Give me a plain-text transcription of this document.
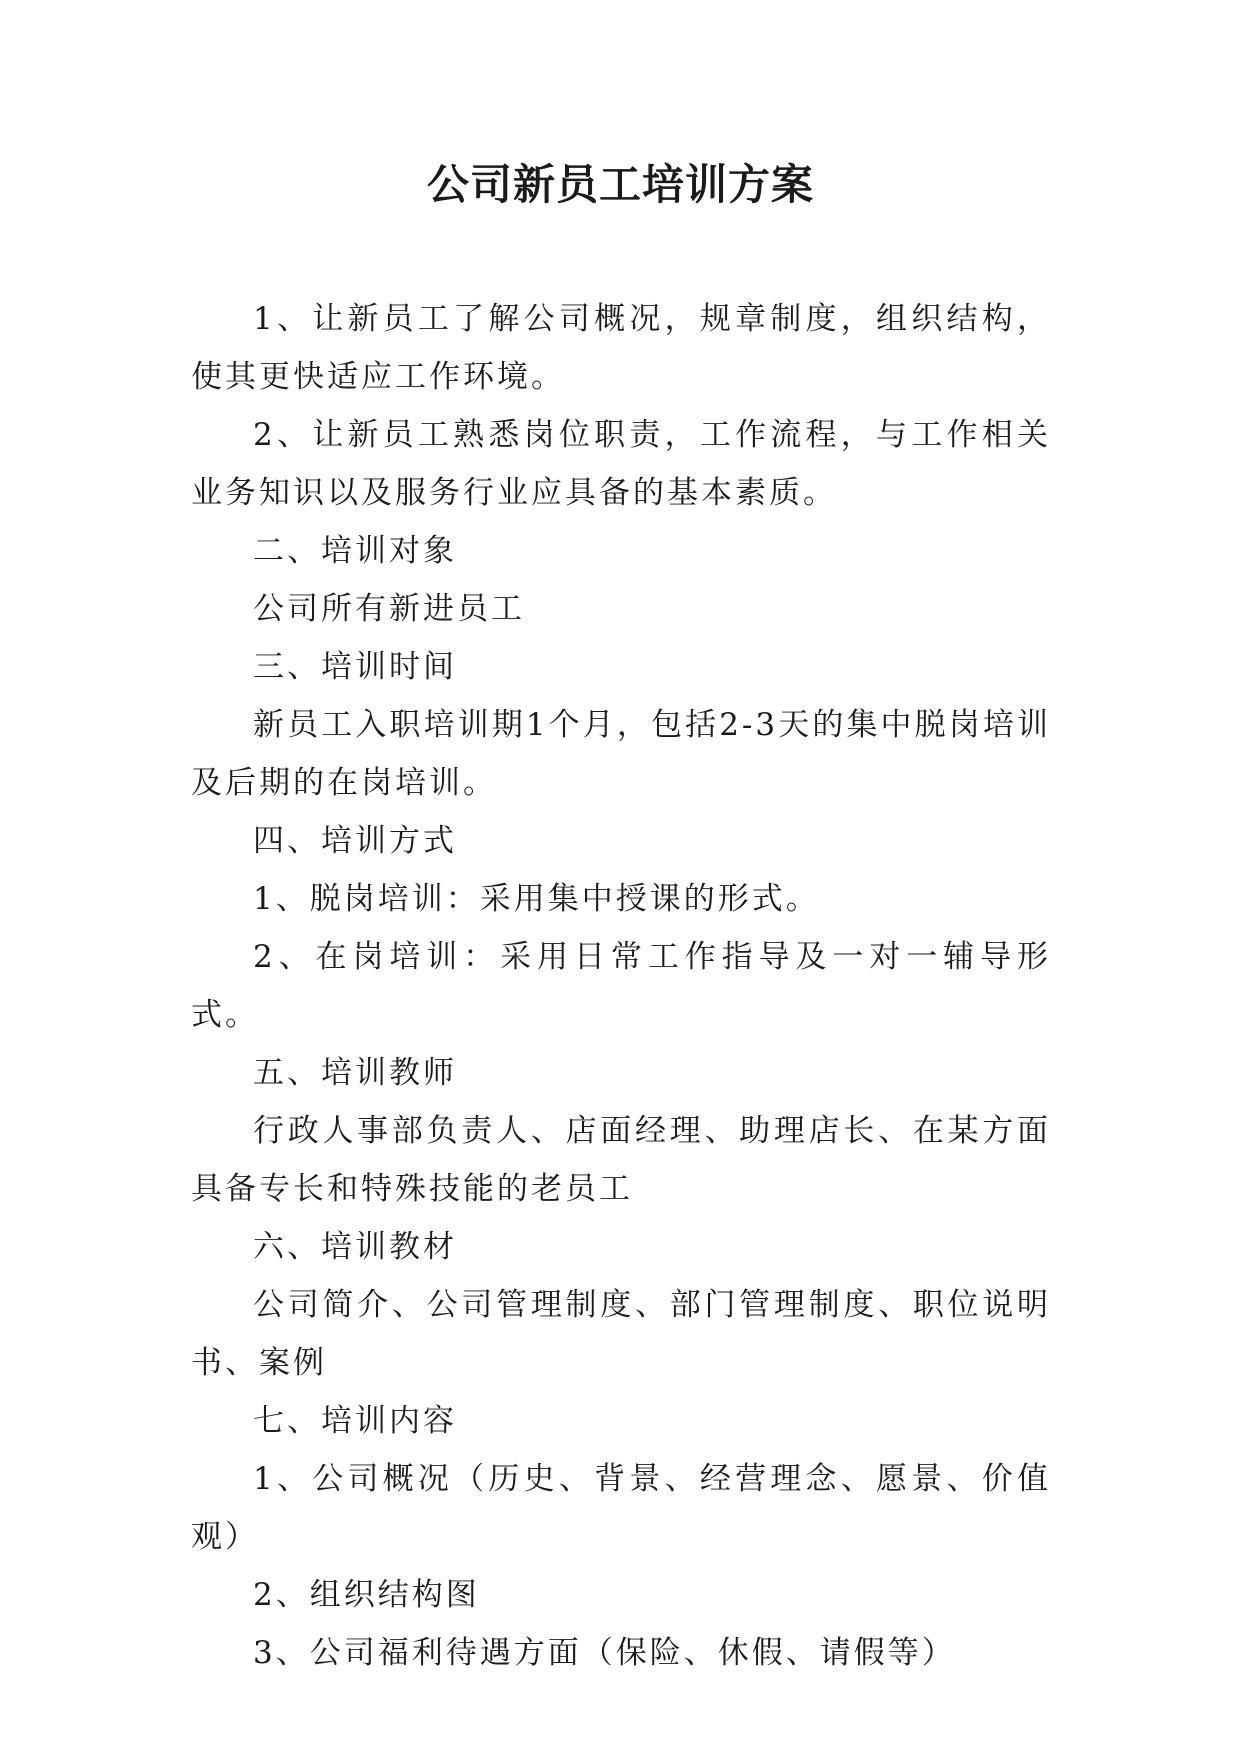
公司新员工培训方案

1、让新员工了解公司概况，规章制度，组织结构，使其更快适应工作环境。

2、让新员工熟悉岗位职责，工作流程，与工作相关业务知识以及服务行业应具备的基本素质。

二、培训对象

公司所有新进员工

三、培训时间

新员工入职培训期1个月，包括2-3天的集中脱岗培训及后期的在岗培训。

四、培训方式

1、脱岗培训：采用集中授课的形式。

2、在岗培训：采用日常工作指导及一对一辅导形式。

五、培训教师

行政人事部负责人、店面经理、助理店长、在某方面具备专长和特殊技能的老员工

六、培训教材

公司简介、公司管理制度、部门管理制度、职位说明书、案例

七、培训内容

1、公司概况（历史、背景、经营理念、愿景、价值观）

2、组织结构图

3、公司福利待遇方面（保险、休假、请假等）
